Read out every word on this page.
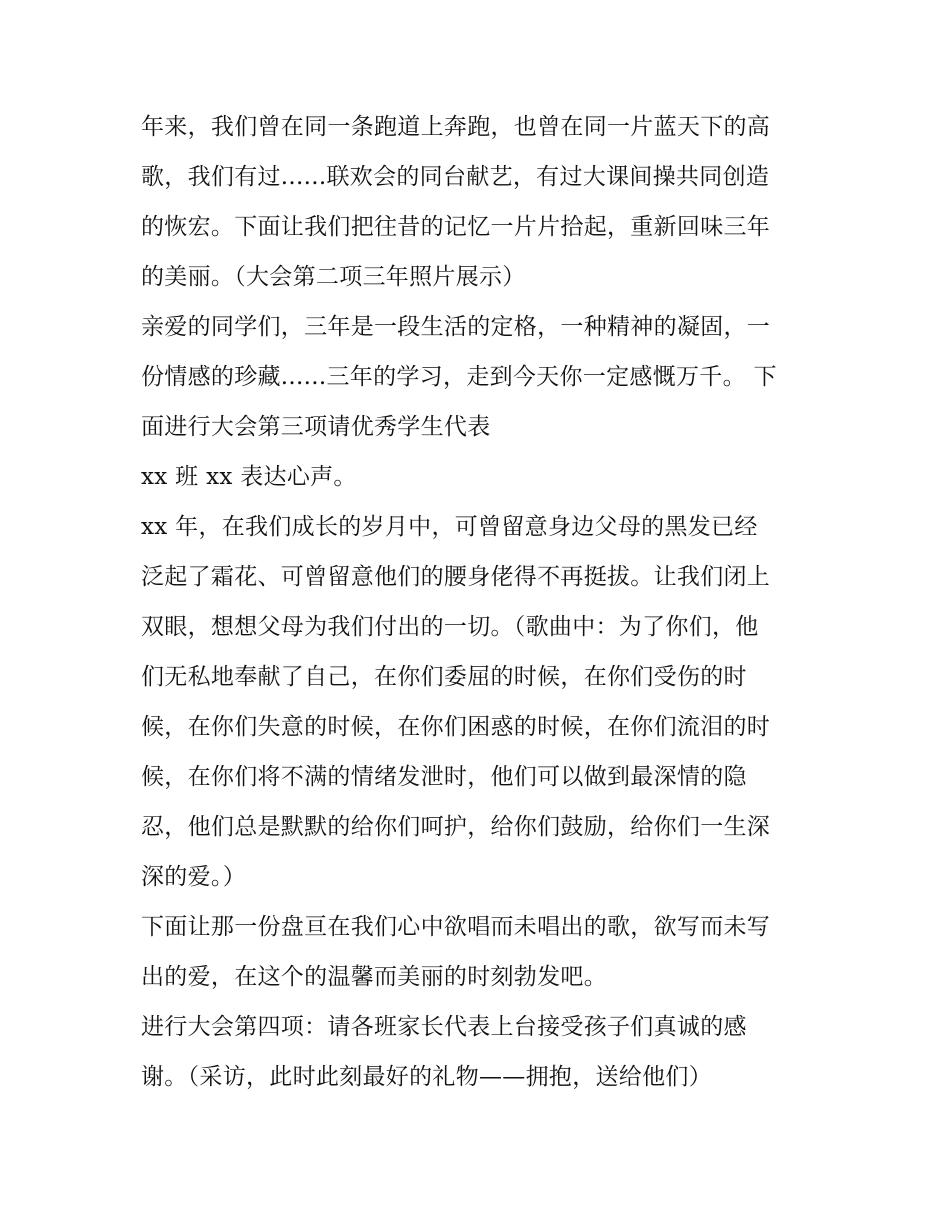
年来，我们曾在同一条跑道上奔跑，也曾在同一片蓝天下的高
歌，我们有过......联欢会的同台献艺，有过大课间操共同创造
的恢宏。下面让我们把往昔的记忆一片片拾起，重新回味三年
的美丽。（大会第二项三年照片展示）
亲爱的同学们，三年是一段生活的定格，一种精神的凝固，一
份情感的珍藏......三年的学习，走到今天你一定感慨万千。 下
面进行大会第三项请优秀学生代表
xx 班 xx 表达心声。
xx 年，在我们成长的岁月中，可曾留意身边父母的黑发已经
泛起了霜花、可曾留意他们的腰身佬得不再挺拔。让我们闭上
双眼，想想父母为我们付出的一切。（歌曲中：为了你们，他
们无私地奉献了自己，在你们委屈的时候，在你们受伤的时
候，在你们失意的时候，在你们困惑的时候，在你们流泪的时
候，在你们将不满的情绪发泄时，他们可以做到最深情的隐
忍，他们总是默默的给你们呵护，给你们鼓励，给你们一生深
深的爱。）
下面让那一份盘亘在我们心中欲唱而未唱出的歌，欲写而未写
出的爱，在这个的温馨而美丽的时刻勃发吧。
进行大会第四项：请各班家长代表上台接受孩子们真诚的感
谢。（采访，此时此刻最好的礼物——拥抱，送给他们）
